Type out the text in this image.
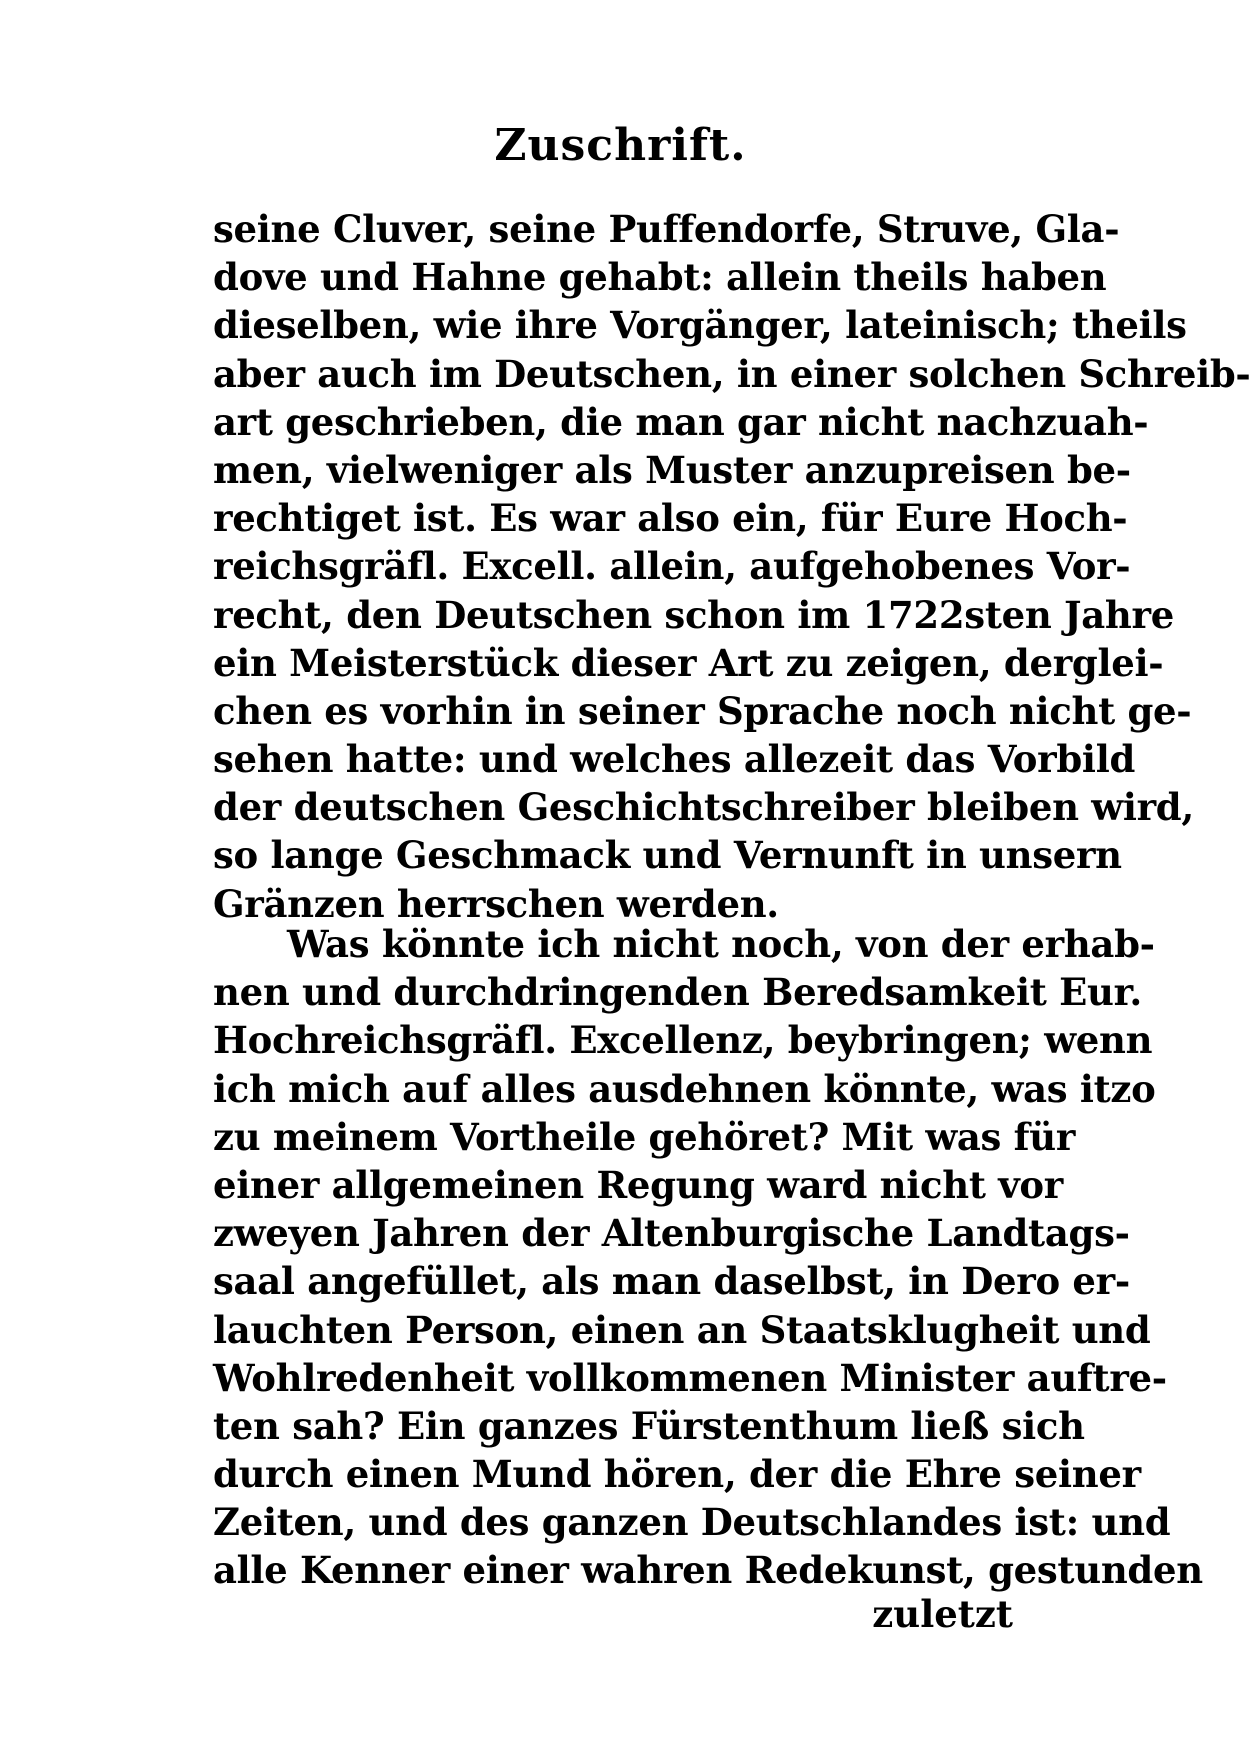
Zuschrift.
seine Cluver, seine Puffendorfe, Struve, Gla-
dove und Hahne gehabt: allein theils haben
dieselben, wie ihre Vorgänger, lateinisch; theils
aber auch im Deutschen, in einer solchen Schreib-
art geschrieben, die man gar nicht nachzuah-
men, vielweniger als Muster anzupreisen be-
rechtiget ist. Es war also ein, für Eure Hoch-
reichsgräfl. Excell. allein, aufgehobenes Vor-
recht, den Deutschen schon im 1722sten Jahre
ein Meisterstück dieser Art zu zeigen, derglei-
chen es vorhin in seiner Sprache noch nicht ge-
sehen hatte: und welches allezeit das Vorbild
der deutschen Geschichtschreiber bleiben wird,
so lange Geschmack und Vernunft in unsern
Gränzen herrschen werden.
Was könnte ich nicht noch, von der erhab-
nen und durchdringenden Beredsamkeit Eur.
Hochreichsgräfl. Excellenz, beybringen; wenn
ich mich auf alles ausdehnen könnte, was itzo
zu meinem Vortheile gehöret? Mit was für
einer allgemeinen Regung ward nicht vor
zweyen Jahren der Altenburgische Landtags-
saal angefüllet, als man daselbst, in Dero er-
lauchten Person, einen an Staatsklugheit und
Wohlredenheit vollkommenen Minister auftre-
ten sah? Ein ganzes Fürstenthum ließ sich
durch einen Mund hören, der die Ehre seiner
Zeiten, und des ganzen Deutschlandes ist: und
alle Kenner einer wahren Redekunst, gestunden
zuletzt
